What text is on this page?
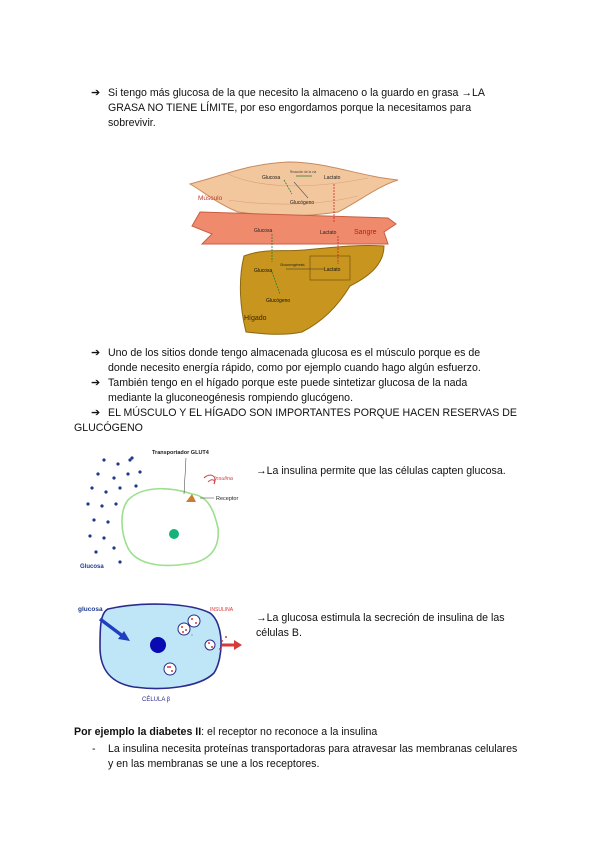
➔ Si tengo más glucosa de la que necesito la almaceno o la guardo en grasa →LA GRASA NO TIENE LÍMITE, por eso engordamos porque la necesitamos para sobrevivir.
Músculo
Glucosa
Reacción de la vía
Lactato
Glucógeno
Glucosa	Lactato	Sangre
Glucosa
Gluconeogénesis
Lactato
Glucógeno
Hígado
➔ Uno de los sitios donde tengo almacenada glucosa es el músculo porque es de donde necesito energía rápido, como por ejemplo cuando hago algún esfuerzo.
➔ También tengo en el hígado porque este puede sintetizar glucosa de la nada mediante la gluconeogénesis rompiendo glucógeno.
➔ EL MÚSCULO Y EL HÍGADO SON IMPORTANTES PORQUE HACEN RESERVAS DE GLUCÓGENO
Transportador GLUT4
Insulina
Receptor
Glucosa
→La insulina permite que las células capten glucosa.
glucosa	INSULINA
CÉLULA β
→La glucosa estimula la secreción de insulina de las células B.
Por ejemplo la diabetes II: el receptor no reconoce a la insulina
- La insulina necesita proteínas transportadoras para atravesar las membranas celulares y en las membranas se une a los receptores.
